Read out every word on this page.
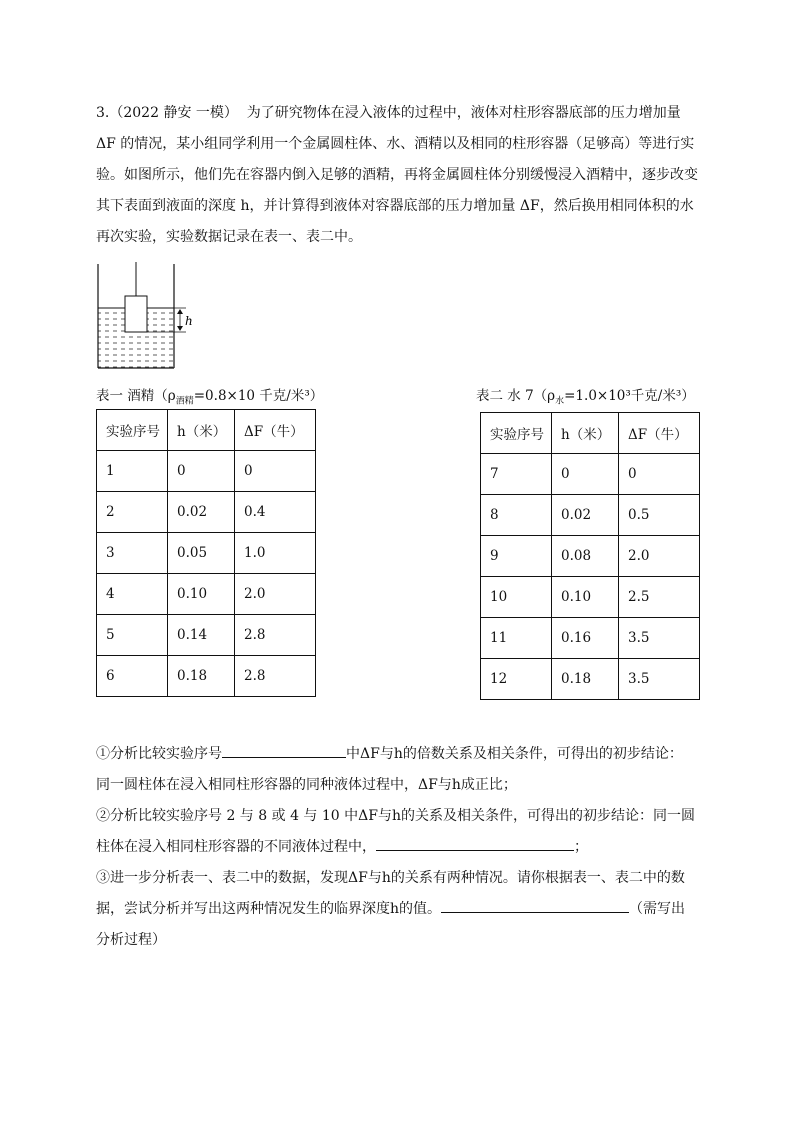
3.（2022 静安 一模） 为了研究物体在浸入液体的过程中，液体对柱形容器底部的压力增加量
ΔF 的情况，某小组同学利用一个金属圆柱体、水、酒精以及相同的柱形容器（足够高）等进行实
验。如图所示，他们先在容器内倒入足够的酒精，再将金属圆柱体分别缓慢浸入酒精中，逐步改变
其下表面到液面的深度 h，并计算得到液体对容器底部的压力增加量 ΔF，然后换用相同体积的水
再次实验，实验数据记录在表一、表二中。
h
表一 酒精（$\rho_{酒精}=0.8\times 10$ 千克/米³）
实验序号	h（米）	ΔF（牛）
1	0	0
2	0.02	0.4
3	0.05	1.0
4	0.10	2.0
5	0.14	2.8
6	0.18	2.8
表二 水 $7(\rho_水=1.0\times 10^3$千克/米³）
实验序号	h（米）	ΔF（牛）
7	0	0
8	0.02	0.5
9	0.08	2.0
10	0.10	2.5
11	0.16	3.5
12	0.18	3.5
①分析比较实验序号	中ΔF与h的倍数关系及相关条件，可得出的初步结论：
同一圆柱体在浸入相同柱形容器的同种液体过程中，ΔF与h成正比；
②分析比较实验序号 2 与 8 或 4 与 10 中ΔF与h的关系及相关条件，可得出的初步结论：同一圆
柱体在浸入相同柱形容器的不同液体过程中，	；
③进一步分析表一、表二中的数据，发现ΔF与h的关系有两种情况。请你根据表一、表二中的数
据，尝试分析并写出这两种情况发生的临界深度h的值。	（需写出
分析过程）
